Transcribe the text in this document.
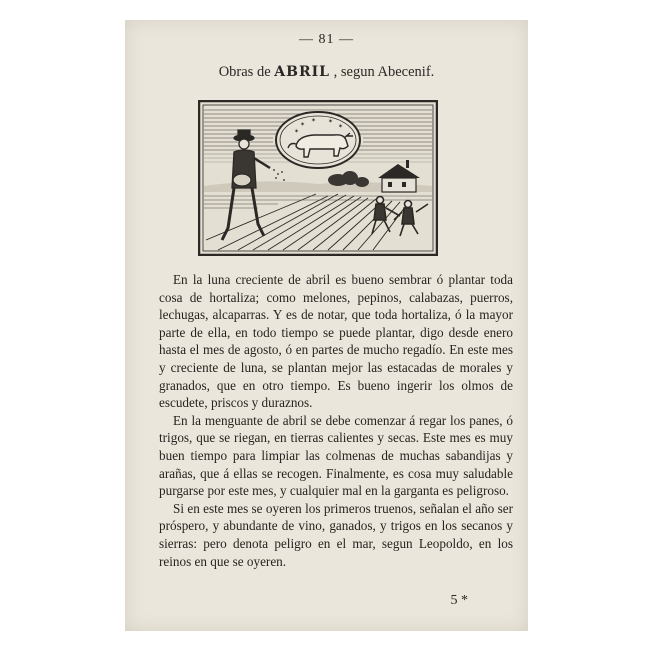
— 81 —
Obras de ABRIL , segun Abecenif.
✶
✶ ✶
✶
✶

En la luna creciente de abril es bueno sembrar ó plantar toda cosa de hortaliza; como melones, pepinos, calabazas, puerros, lechugas, alcaparras. Y es de notar, que toda hortaliza, ó la mayor parte de ella, en todo tiempo se puede plantar, digo desde enero hasta el mes de agosto, ó en partes de mucho regadío. En este mes y creciente de luna, se plantan mejor las estacadas de morales y granados, que en otro tiempo. Es bueno ingerir los olmos de escudete, priscos y duraznos.

En la menguante de abril se debe comenzar á regar los panes, ó trigos, que se riegan, en tierras calientes y secas. Este mes es muy buen tiempo para limpiar las colmenas de muchas sabandijas y arañas, que á ellas se recogen. Finalmente, es cosa muy saludable purgarse por este mes, y cualquier mal en la garganta es peligroso.

Si en este mes se oyeren los primeros truenos, señalan el año ser próspero, y abundante de vino, ganados, y trigos en los secanos y sierras: pero denota peligro en el mar, segun Leopoldo, en los reinos en que se oyeren.

5 *
